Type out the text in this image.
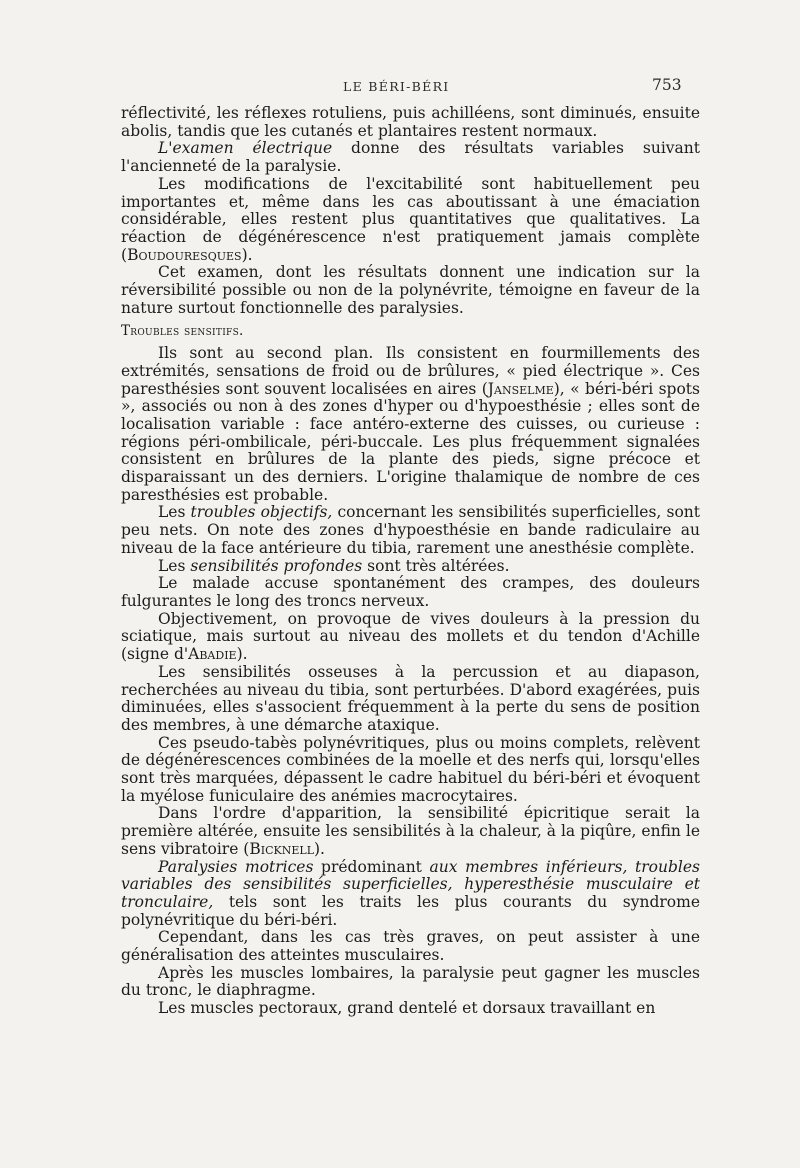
LE BÉRI-BÉRI	753

réflectivité, les réflexes rotuliens, puis achilléens, sont diminués, ensuite abolis, tandis que les cutanés et plantaires restent normaux.

L'examen électrique donne des résultats variables suivant l'ancienneté de la paralysie.

Les modifications de l'excitabilité sont habituellement peu importantes et, même dans les cas aboutissant à une émaciation considérable, elles restent plus quantitatives que qualitatives. La réaction de dégénérescence n'est pratiquement jamais complète (Boudouresques).

Cet examen, dont les résultats donnent une indication sur la réversibilité possible ou non de la polynévrite, témoigne en faveur de la nature surtout fonctionnelle des paralysies.

Troubles sensitifs.

Ils sont au second plan. Ils consistent en fourmillements des extrémités, sensations de froid ou de brûlures, « pied électrique ». Ces paresthésies sont souvent localisées en aires (Janselme), « béri-béri spots », associés ou non à des zones d'hyper ou d'hypoesthésie ; elles sont de localisation variable : face antéro-externe des cuisses, ou curieuse : régions péri-ombilicale, péri-buccale. Les plus fréquemment signalées consistent en brûlures de la plante des pieds, signe précoce et disparaissant un des derniers. L'origine thalamique de nombre de ces paresthésies est probable.

Les troubles objectifs, concernant les sensibilités superficielles, sont peu nets. On note des zones d'hypoesthésie en bande radiculaire au niveau de la face antérieure du tibia, rarement une anesthésie complète.

Les sensibilités profondes sont très altérées.

Le malade accuse spontanément des crampes, des douleurs fulgurantes le long des troncs nerveux.

Objectivement, on provoque de vives douleurs à la pression du sciatique, mais surtout au niveau des mollets et du tendon d'Achille (signe d'Abadie).

Les sensibilités osseuses à la percussion et au diapason, recherchées au niveau du tibia, sont perturbées. D'abord exagérées, puis diminuées, elles s'associent fréquemment à la perte du sens de position des membres, à une démarche ataxique.

Ces pseudo-tabès polynévritiques, plus ou moins complets, relèvent de dégénérescences combinées de la moelle et des nerfs qui, lorsqu'elles sont très marquées, dépassent le cadre habituel du béri-béri et évoquent la myélose funiculaire des anémies macrocytaires.

Dans l'ordre d'apparition, la sensibilité épicritique serait la première altérée, ensuite les sensibilités à la chaleur, à la piqûre, enfin le sens vibratoire (Bicknell).

Paralysies motrices prédominant aux membres inférieurs, troubles variables des sensibilités superficielles, hyperesthésie musculaire et tronculaire, tels sont les traits les plus courants du syndrome polynévritique du béri-béri.

Cependant, dans les cas très graves, on peut assister à une généralisation des atteintes musculaires.

Après les muscles lombaires, la paralysie peut gagner les muscles du tronc, le diaphragme.

Les muscles pectoraux, grand dentelé et dorsaux travaillant en
